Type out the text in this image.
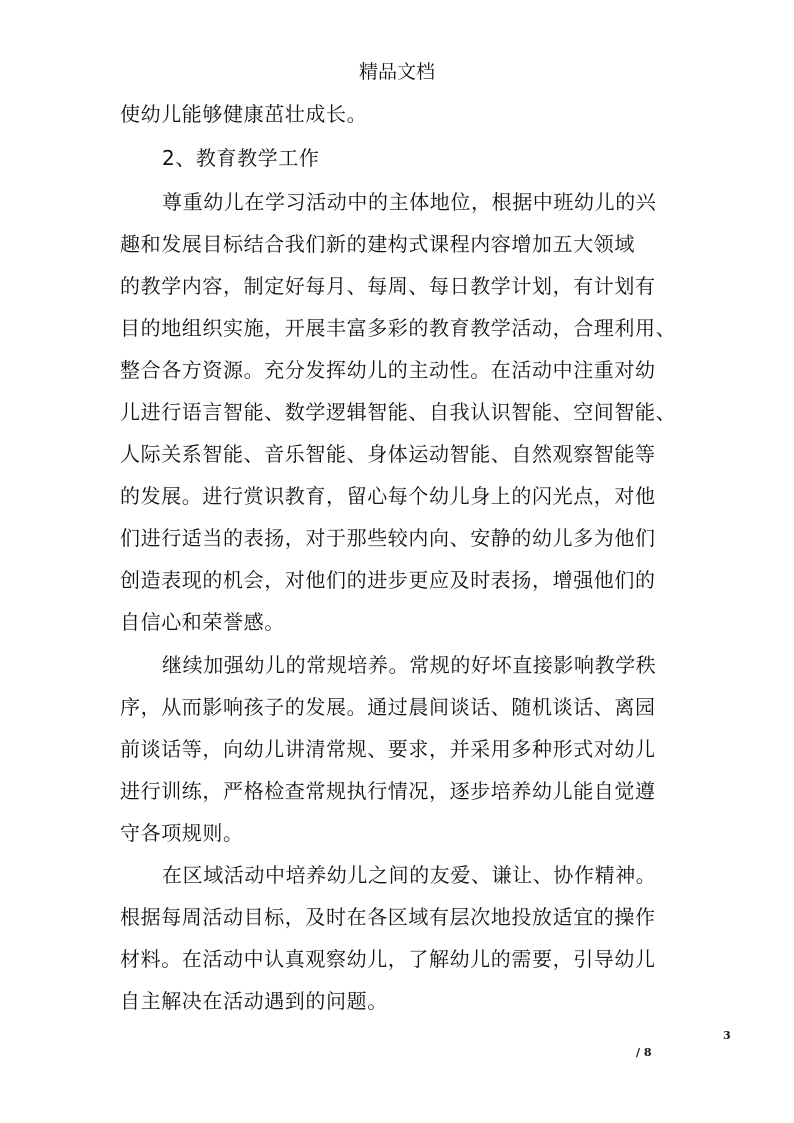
精品文档
使幼儿能够健康茁壮成长。
2、教育教学工作
尊重幼儿在学习活动中的主体地位，根据中班幼儿的兴
趣和发展目标结合我们新的建构式课程内容增加五大领域
的教学内容，制定好每月、每周、每日教学计划，有计划有
目的地组织实施，开展丰富多彩的教育教学活动，合理利用、
整合各方资源。充分发挥幼儿的主动性。在活动中注重对幼
儿进行语言智能、数学逻辑智能、自我认识智能、空间智能、
人际关系智能、音乐智能、身体运动智能、自然观察智能等
的发展。进行赏识教育，留心每个幼儿身上的闪光点，对他
们进行适当的表扬，对于那些较内向、安静的幼儿多为他们
创造表现的机会，对他们的进步更应及时表扬，增强他们的
自信心和荣誉感。
继续加强幼儿的常规培养。常规的好坏直接影响教学秩
序，从而影响孩子的发展。通过晨间谈话、随机谈话、离园
前谈话等，向幼儿讲清常规、要求，并采用多种形式对幼儿
进行训练，严格检查常规执行情况，逐步培养幼儿能自觉遵
守各项规则。
在区域活动中培养幼儿之间的友爱、谦让、协作精神。
根据每周活动目标，及时在各区域有层次地投放适宜的操作
材料。在活动中认真观察幼儿，了解幼儿的需要，引导幼儿
自主解决在活动遇到的问题。
3
/ 8
